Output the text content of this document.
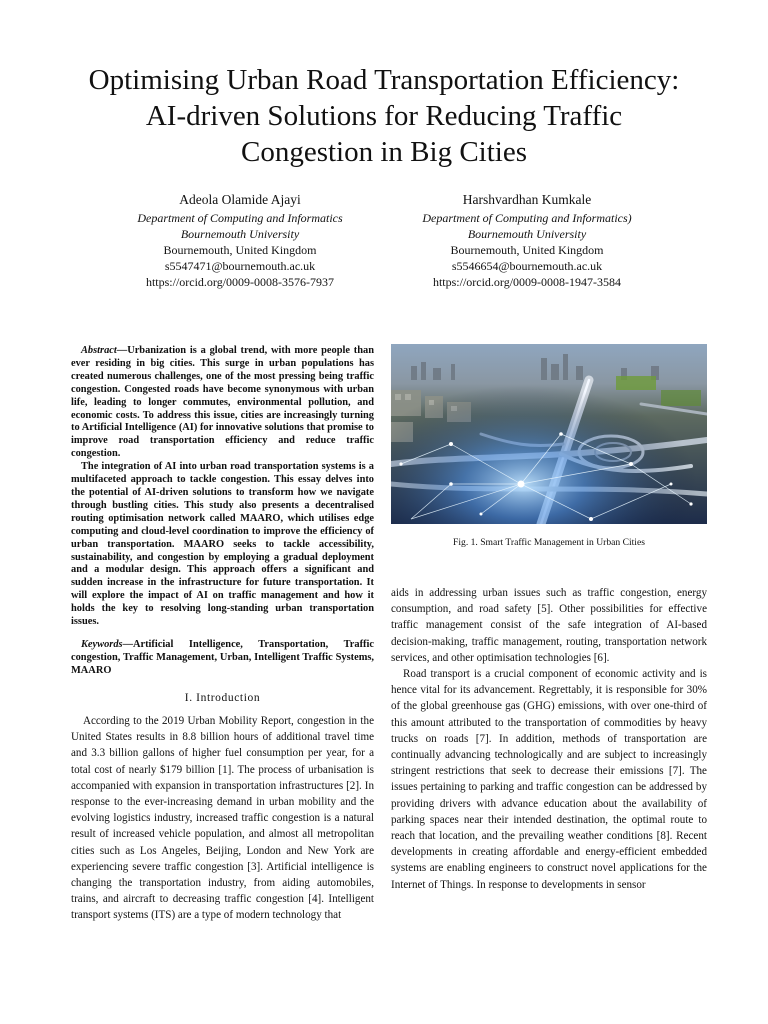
Optimising Urban Road Transportation Efficiency:
AI-driven Solutions for Reducing Traffic
Congestion in Big Cities
Adeola Olamide Ajayi
Department of Computing and Informatics
Bournemouth University
Bournemouth, United Kingdom
s5547471@bournemouth.ac.uk
https://orcid.org/0009-0008-3576-7937
Harshvardhan Kumkale
Department of Computing and Informatics)
Bournemouth University
Bournemouth, United Kingdom
s5546654@bournemouth.ac.uk
https://orcid.org/0009-0008-1947-3584

Abstract—Urbanization is a global trend, with more people than ever residing in big cities. This surge in urban populations has created numerous challenges, one of the most pressing being traffic congestion. Congested roads have become synonymous with urban life, leading to longer commutes, environmental pollution, and economic costs. To address this issue, cities are increasingly turning to Artificial Intelligence (AI) for innovative solutions that promise to improve road transportation efficiency and reduce traffic congestion.

The integration of AI into urban road transportation systems is a multifaceted approach to tackle congestion. This essay delves into the potential of AI-driven solutions to transform how we navigate through bustling cities. This study also presents a decentralised routing optimisation network called MAARO, which utilises edge computing and cloud-level coordination to improve the efficiency of urban transportation. MAARO seeks to tackle accessibility, sustainability, and congestion by employing a gradual deployment and a modular design. This approach offers a significant and sudden increase in the infrastructure for future transportation. It will explore the impact of AI on traffic management and how it holds the key to resolving long-standing urban transportation issues.

Keywords—Artificial Intelligence, Transportation, Traffic congestion, Traffic Management, Urban, Intelligent Traffic Systems, MAARO

I. Introduction

According to the 2019 Urban Mobility Report, congestion in the United States results in 8.8 billion hours of additional travel time and 3.3 billion gallons of higher fuel consumption per year, for a total cost of nearly $179 billion [1]. The process of urbanisation is accompanied with expansion in transportation infrastructures [2]. In response to the ever-increasing demand in urban mobility and the evolving logistics industry, increased traffic congestion is a natural result of increased vehicle population, and almost all metropolitan cities such as Los Angeles, Beijing, London and New York are experiencing severe traffic congestion [3]. Artificial intelligence is changing the transportation industry, from aiding automobiles, trains, and aircraft to decreasing traffic congestion [4]. Intelligent transport systems (ITS) are a type of modern technology that

Fig. 1. Smart Traffic Management in Urban Cities

aids in addressing urban issues such as traffic congestion, energy consumption, and road safety [5]. Other possibilities for effective traffic management consist of the safe integration of AI-based decision-making, traffic management, routing, transportation network services, and other optimisation technologies [6].

Road transport is a crucial component of economic activity and is hence vital for its advancement. Regrettably, it is responsible for 30% of the global greenhouse gas (GHG) emissions, with over one-third of this amount attributed to the transportation of commodities by heavy trucks on roads [7]. In addition, methods of transportation are continually advancing technologically and are subject to increasingly stringent restrictions that seek to decrease their emissions [7]. The issues pertaining to parking and traffic congestion can be addressed by providing drivers with advance education about the availability of parking spaces near their intended destination, the optimal route to reach that location, and the prevailing weather conditions [8]. Recent developments in creating affordable and energy-efficient embedded systems are enabling engineers to construct novel applications for the Internet of Things. In response to developments in sensor
